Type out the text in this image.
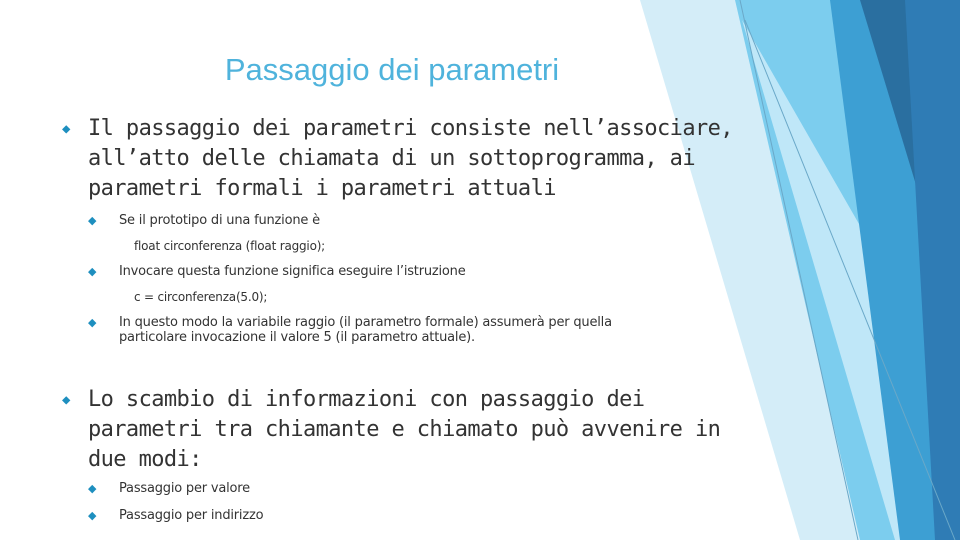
Passaggio dei parametri
◆ Il passaggio dei parametri consiste nell’associare, all’atto delle chiamata di un sottoprogramma, ai parametri formali i parametri attuali
◆	Se il prototipo di una funzione è
float circonferenza (float raggio);
◆	Invocare questa funzione significa eseguire l’istruzione
c = circonferenza(5.0);
◆	In questo modo la variabile raggio (il parametro formale) assumerà per quella particolare invocazione il valore 5 (il parametro attuale).
◆ Lo scambio di informazioni con passaggio dei parametri tra chiamante e chiamato può avvenire in due modi:
◆	Passaggio per valore
◆	Passaggio per indirizzo
